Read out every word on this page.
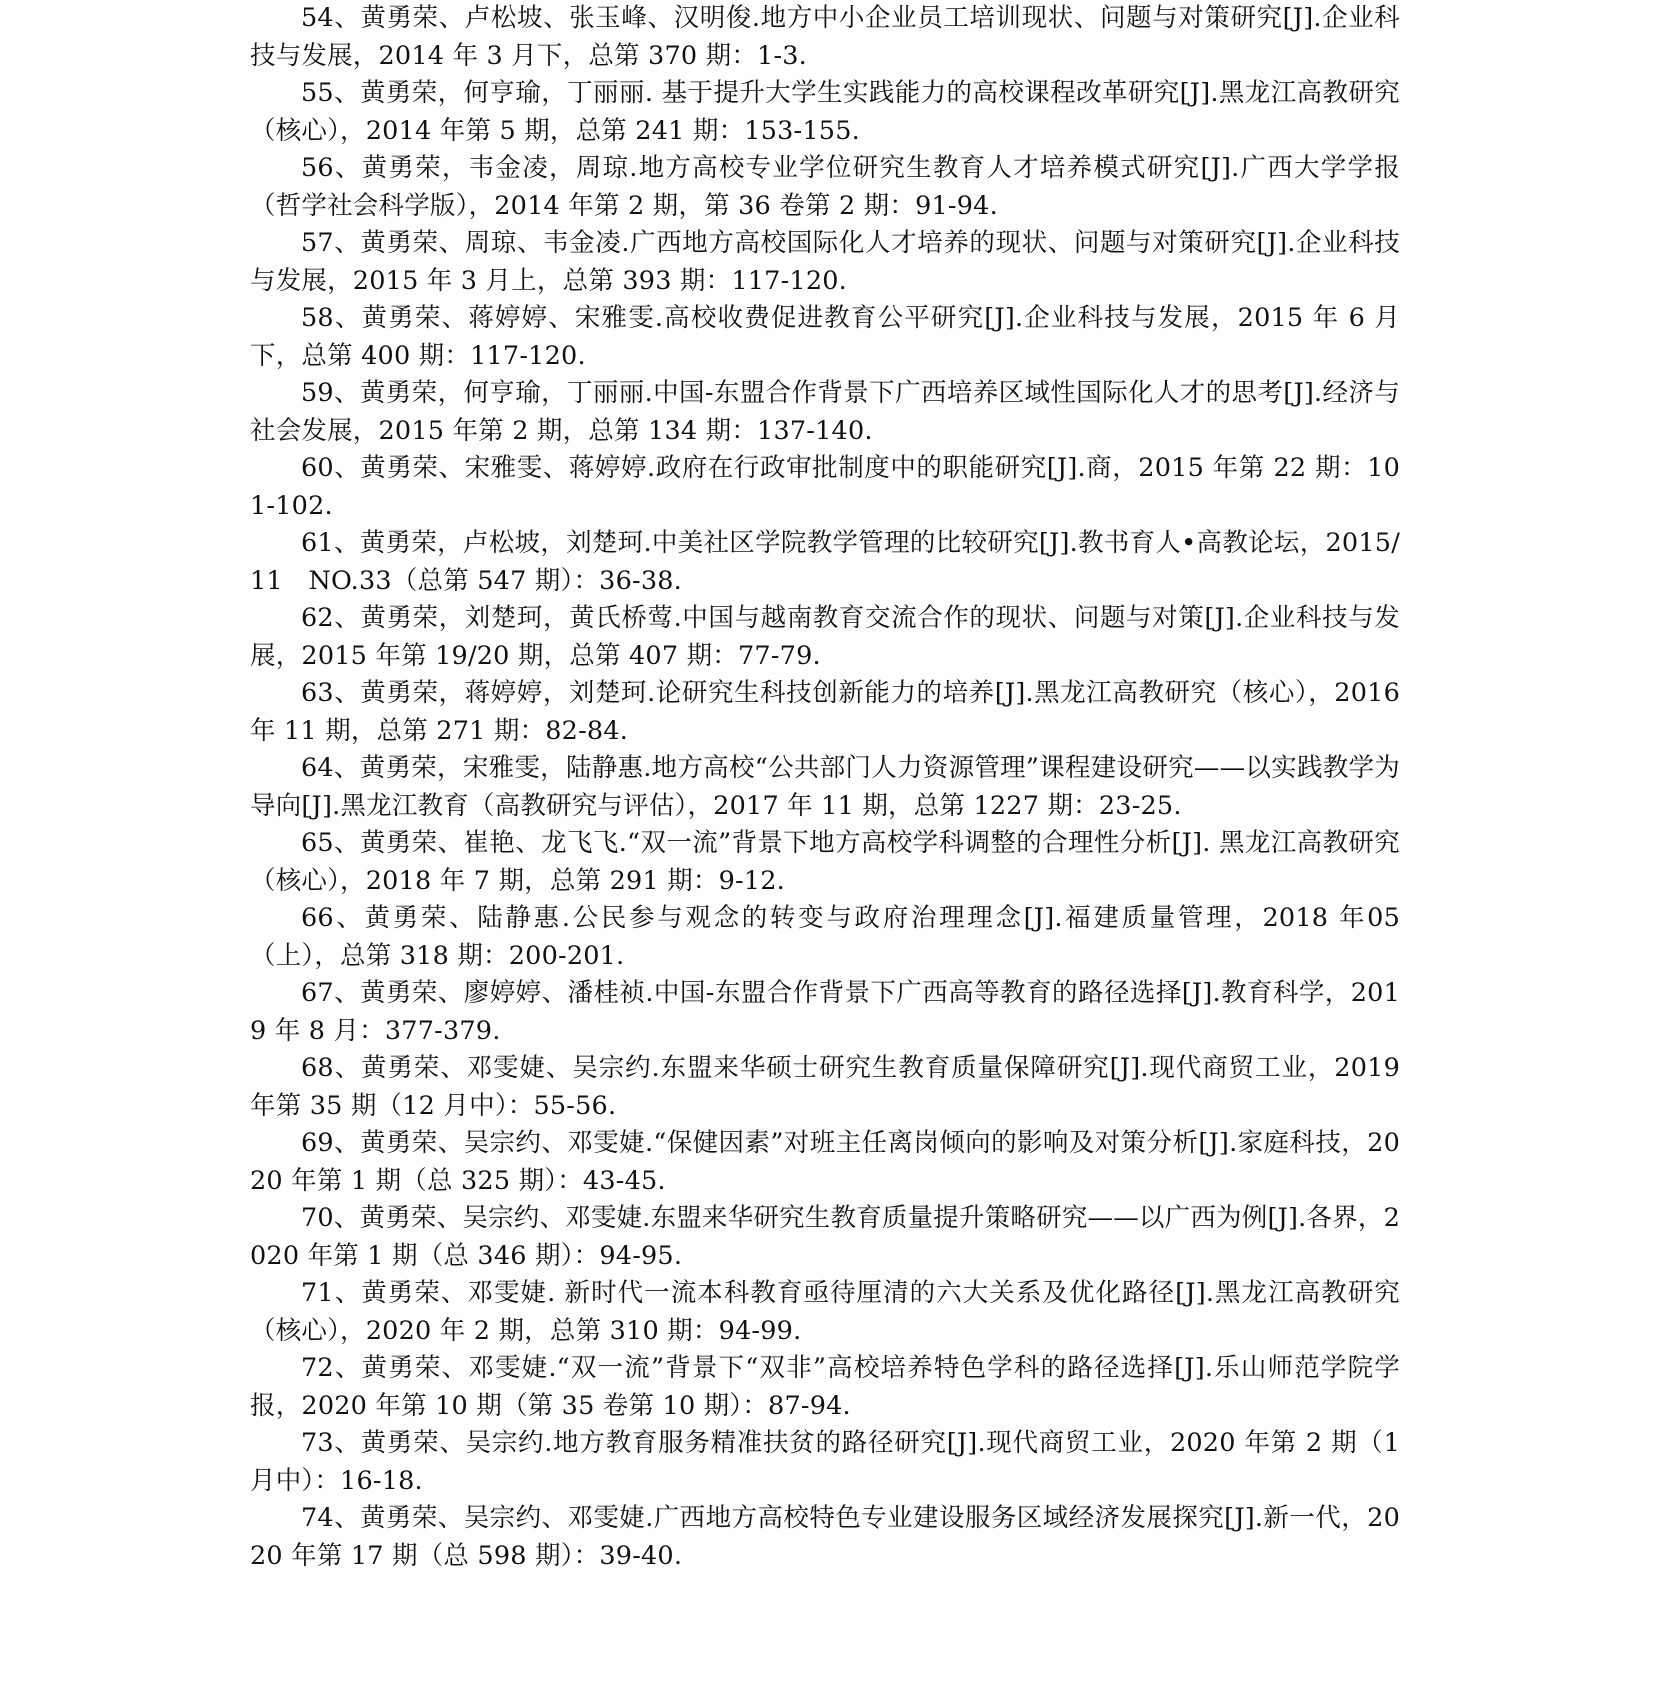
54、黄勇荣、卢松坡、张玉峰、汉明俊.地方中小企业员工培训现状、问题与对策研究[J].企业科技与发展，2014 年 3 月下，总第 370 期：1-3.

55、黄勇荣，何亨瑜，丁丽丽. 基于提升大学生实践能力的高校课程改革研究[J].黑龙江高教研究（核心），2014 年第 5 期，总第 241 期：153-155.

56、黄勇荣，韦金凌，周琼.地方高校专业学位研究生教育人才培养模式研究[J].广西大学学报（哲学社会科学版），2014 年第 2 期，第 36 卷第 2 期：91-94.

57、黄勇荣、周琼、韦金凌.广西地方高校国际化人才培养的现状、问题与对策研究[J].企业科技与发展，2015 年 3 月上，总第 393 期：117-120.

58、黄勇荣、蒋婷婷、宋雅雯.高校收费促进教育公平研究[J].企业科技与发展，2015 年 6 月下，总第 400 期：117-120.

59、黄勇荣，何亨瑜，丁丽丽.中国-东盟合作背景下广西培养区域性国际化人才的思考[J].经济与社会发展，2015 年第 2 期，总第 134 期：137-140.

60、黄勇荣、宋雅雯、蒋婷婷.政府在行政审批制度中的职能研究[J].商，2015 年第 22 期：101-102.

61、黄勇荣，卢松坡，刘楚珂.中美社区学院教学管理的比较研究[J].教书育人•高教论坛，2015/11　NO.33（总第 547 期）：36-38.

62、黄勇荣，刘楚珂，黄氏桥莺.中国与越南教育交流合作的现状、问题与对策[J].企业科技与发展，2015 年第 19/20 期，总第 407 期：77-79.

63、黄勇荣，蒋婷婷，刘楚珂.论研究生科技创新能力的培养[J].黑龙江高教研究（核心），2016 年 11 期，总第 271 期：82-84.

64、黄勇荣，宋雅雯，陆静惠.地方高校“公共部门人力资源管理”课程建设研究——以实践教学为导向[J].黑龙江教育（高教研究与评估），2017 年 11 期，总第 1227 期：23-25.

65、黄勇荣、崔艳、龙飞飞.“双一流”背景下地方高校学科调整的合理性分析[J]. 黑龙江高教研究（核心），2018 年 7 期，总第 291 期：9-12.

66、黄勇荣、陆静惠.公民参与观念的转变与政府治理理念[J].福建质量管理，2018 年05（上），总第 318 期：200-201.

67、黄勇荣、廖婷婷、潘桂祯.中国-东盟合作背景下广西高等教育的路径选择[J].教育科学，2019 年 8 月：377-379.

68、黄勇荣、邓雯婕、吴宗约.东盟来华硕士研究生教育质量保障研究[J].现代商贸工业，2019 年第 35 期（12 月中）：55-56.

69、黄勇荣、吴宗约、邓雯婕.“保健因素”对班主任离岗倾向的影响及对策分析[J].家庭科技，2020 年第 1 期（总 325 期）：43-45.

70、黄勇荣、吴宗约、邓雯婕.东盟来华研究生教育质量提升策略研究——以广西为例[J].各界，2020 年第 1 期（总 346 期）：94-95.

71、黄勇荣、邓雯婕. 新时代一流本科教育亟待厘清的六大关系及优化路径[J].黑龙江高教研究（核心），2020 年 2 期，总第 310 期：94-99.

72、黄勇荣、邓雯婕.“双一流”背景下“双非”高校培养特色学科的路径选择[J].乐山师范学院学报，2020 年第 10 期（第 35 卷第 10 期）：87-94.

73、黄勇荣、吴宗约.地方教育服务精准扶贫的路径研究[J].现代商贸工业，2020 年第 2 期（1 月中）：16-18.

74、黄勇荣、吴宗约、邓雯婕.广西地方高校特色专业建设服务区域经济发展探究[J].新一代，2020 年第 17 期（总 598 期）：39-40.
